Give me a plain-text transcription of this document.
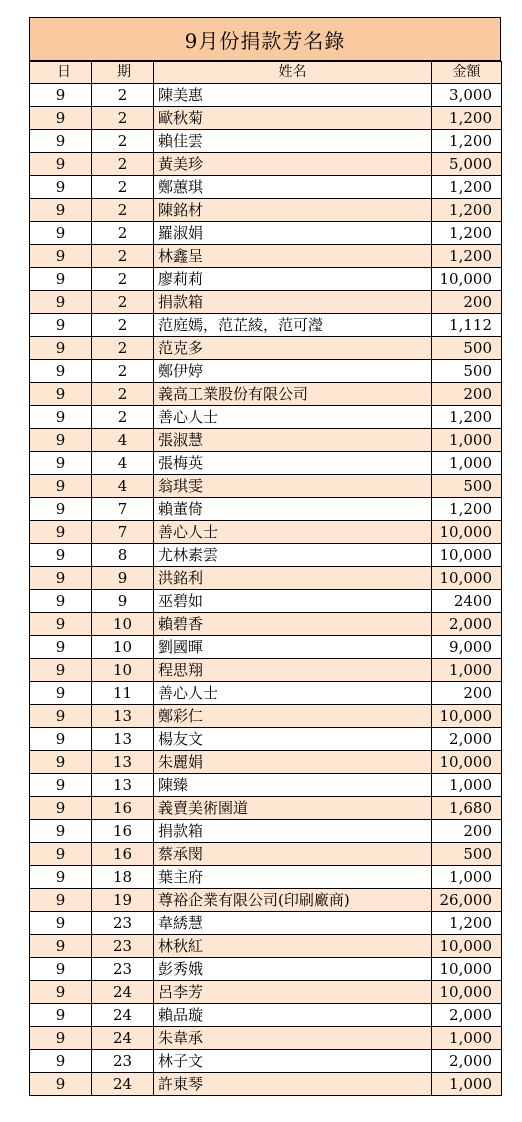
9月份捐款芳名錄
日	期	姓名	金額
9	2	陳美惠	3,000
9	2	歐秋菊	1,200
9	2	賴佳雲	1,200
9	2	黃美珍	5,000
9	2	鄭蕙琪	1,200
9	2	陳銘材	1,200
9	2	羅淑娟	1,200
9	2	林鑫呈	1,200
9	2	廖莉莉	10,000
9	2	捐款箱	200
9	2	范庭嫣，范芷綾，范可瀅	1,112
9	2	范克多	500
9	2	鄭伊婷	500
9	2	義高工業股份有限公司	200
9	2	善心人士	1,200
9	4	張淑慧	1,000
9	4	張梅英	1,000
9	4	翁琪雯	500
9	7	賴董倚	1,200
9	7	善心人士	10,000
9	8	尤林素雲	10,000
9	9	洪銘利	10,000
9	9	巫碧如	2400
9	10	賴碧香	2,000
9	10	劉國暉	9,000
9	10	程思翔	1,000
9	11	善心人士	200
9	13	鄭彩仁	10,000
9	13	楊友文	2,000
9	13	朱麗娟	10,000
9	13	陳臻	1,000
9	16	義賣美術園道	1,680
9	16	捐款箱	200
9	16	蔡承閔	500
9	18	葉主府	1,000
9	19	尊裕企業有限公司(印刷廠商)	26,000
9	23	韋綉慧	1,200
9	23	林秋紅	10,000
9	23	彭秀娥	10,000
9	24	呂李芳	10,000
9	24	賴品璇	2,000
9	24	朱韋承	1,000
9	23	林子文	2,000
9	24	許東琴	1,000
